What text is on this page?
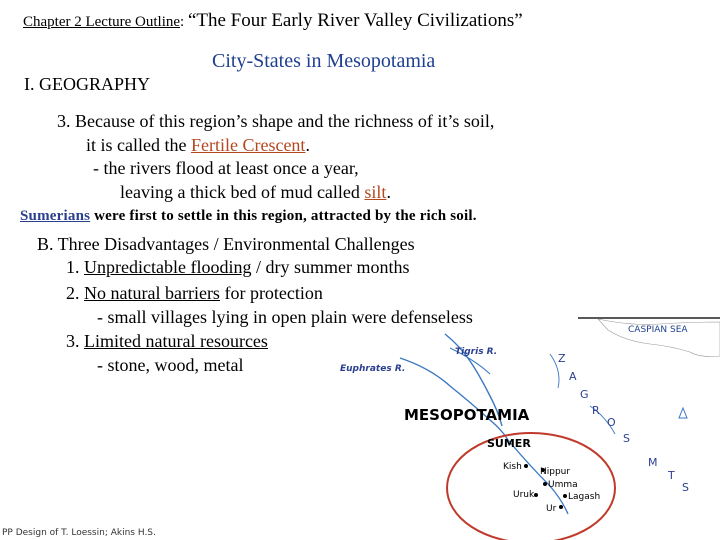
Chapter 2 Lecture Outline: “The Four Early River Valley Civilizations”
City-States in Mesopotamia
I. GEOGRAPHY
3. Because of this region’s shape and the richness of it’s soil,
it is called the Fertile Crescent.
- the rivers flood at least once a year,
leaving a thick bed of mud called silt.
Sumerians were first to settle in this region, attracted by the rich soil.
B. Three Disadvantages / Environmental Challenges
1. Unpredictable flooding / dry summer months
2. No natural barriers for protection
- small villages lying in open plain were defenseless
3. Limited natural resources
- stone, wood, metal
CASPIAN SEA
Tigris R.
Euphrates R.
Z
A
G
R
O
S
M
T
S
MESOPOTAMIA
SUMER
Kish Nippur
Umma
Uruk	Lagash
Ur
PP Design of T. Loessin; Akins H.S.
